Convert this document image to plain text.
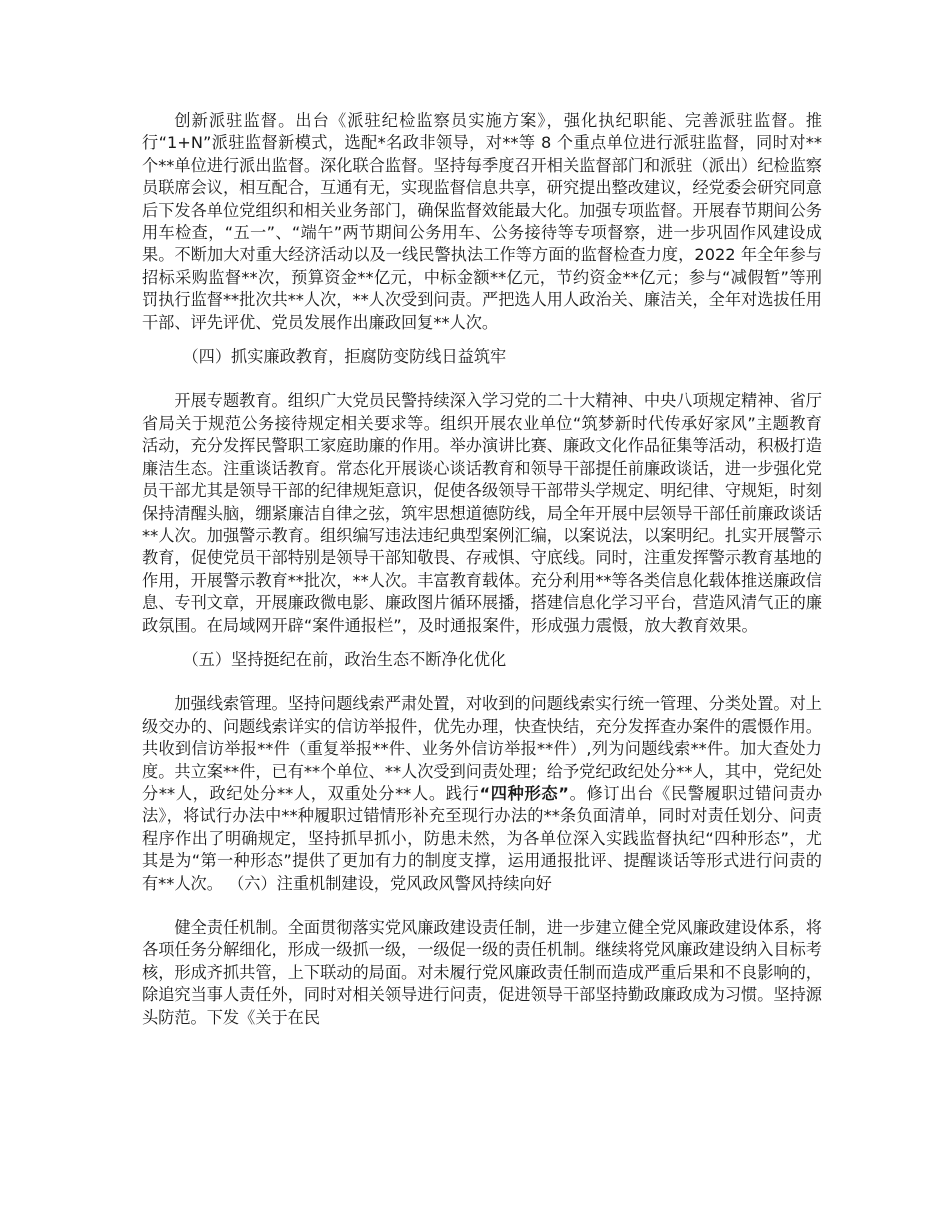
创新派驻监督。出台《派驻纪检监察员实施方案》，强化执纪职能、完善派驻监督。推行“1+N”派驻监督新模式，选配*名政非领导，对**等 8 个重点单位进行派驻监督，同时对**个**单位进行派出监督。深化联合监督。坚持每季度召开相关监督部门和派驻（派出）纪检监察员联席会议，相互配合，互通有无，实现监督信息共享，研究提出整改建议，经党委会研究同意后下发各单位党组织和相关业务部门，确保监督效能最大化。加强专项监督。开展春节期间公务用车检查，“五一”、“端午”两节期间公务用车、公务接待等专项督察，进一步巩固作风建设成果。不断加大对重大经济活动以及一线民警执法工作等方面的监督检查力度，2022 年全年参与招标采购监督**次，预算资金**亿元，中标金额**亿元，节约资金**亿元；参与“减假暂”等刑罚执行监督**批次共**人次，**人次受到问责。严把选人用人政治关、廉洁关，全年对选拔任用干部、评先评优、党员发展作出廉政回复**人次。

（四）抓实廉政教育，拒腐防变防线日益筑牢

开展专题教育。组织广大党员民警持续深入学习党的二十大精神、中央八项规定精神、省厅省局关于规范公务接待规定相关要求等。组织开展农业单位“筑梦新时代传承好家风”主题教育活动，充分发挥民警职工家庭助廉的作用。举办演讲比赛、廉政文化作品征集等活动，积极打造廉洁生态。注重谈话教育。常态化开展谈心谈话教育和领导干部提任前廉政谈话，进一步强化党员干部尤其是领导干部的纪律规矩意识，促使各级领导干部带头学规定、明纪律、守规矩，时刻保持清醒头脑，绷紧廉洁自律之弦，筑牢思想道德防线，局全年开展中层领导干部任前廉政谈话**人次。加强警示教育。组织编写违法违纪典型案例汇编，以案说法，以案明纪。扎实开展警示教育，促使党员干部特别是领导干部知敬畏、存戒惧、守底线。同时，注重发挥警示教育基地的作用，开展警示教育**批次，**人次。丰富教育载体。充分利用**等各类信息化载体推送廉政信息、专刊文章，开展廉政微电影、廉政图片循环展播，搭建信息化学习平台，营造风清气正的廉政氛围。在局域网开辟“案件通报栏”，及时通报案件，形成强力震慑，放大教育效果。

（五）坚持挺纪在前，政治生态不断净化优化

加强线索管理。坚持问题线索严肃处置，对收到的问题线索实行统一管理、分类处置。对上级交办的、问题线索详实的信访举报件，优先办理，快查快结，充分发挥查办案件的震慑作用。共收到信访举报**件（重复举报**件、业务外信访举报**件）,列为问题线索**件。加大查处力度。共立案**件，已有**个单位、**人次受到问责处理；给予党纪政纪处分**人，其中，党纪处分**人，政纪处分**人，双重处分**人。践行“四种形态”。修订出台《民警履职过错问责办法》，将试行办法中**种履职过错情形补充至现行办法的**条负面清单，同时对责任划分、问责程序作出了明确规定，坚持抓早抓小，防患未然，为各单位深入实践监督执纪“四种形态”，尤其是为“第一种形态”提供了更加有力的制度支撑，运用通报批评、提醒谈话等形式进行问责的有**人次。 （六）注重机制建设，党风政风警风持续向好

健全责任机制。全面贯彻落实党风廉政建设责任制，进一步建立健全党风廉政建设体系，将各项任务分解细化，形成一级抓一级，一级促一级的责任机制。继续将党风廉政建设纳入目标考核，形成齐抓共管，上下联动的局面。对未履行党风廉政责任制而造成严重后果和不良影响的，除追究当事人责任外，同时对相关领导进行问责，促进领导干部坚持勤政廉政成为习惯。坚持源头防范。下发《关于在民
